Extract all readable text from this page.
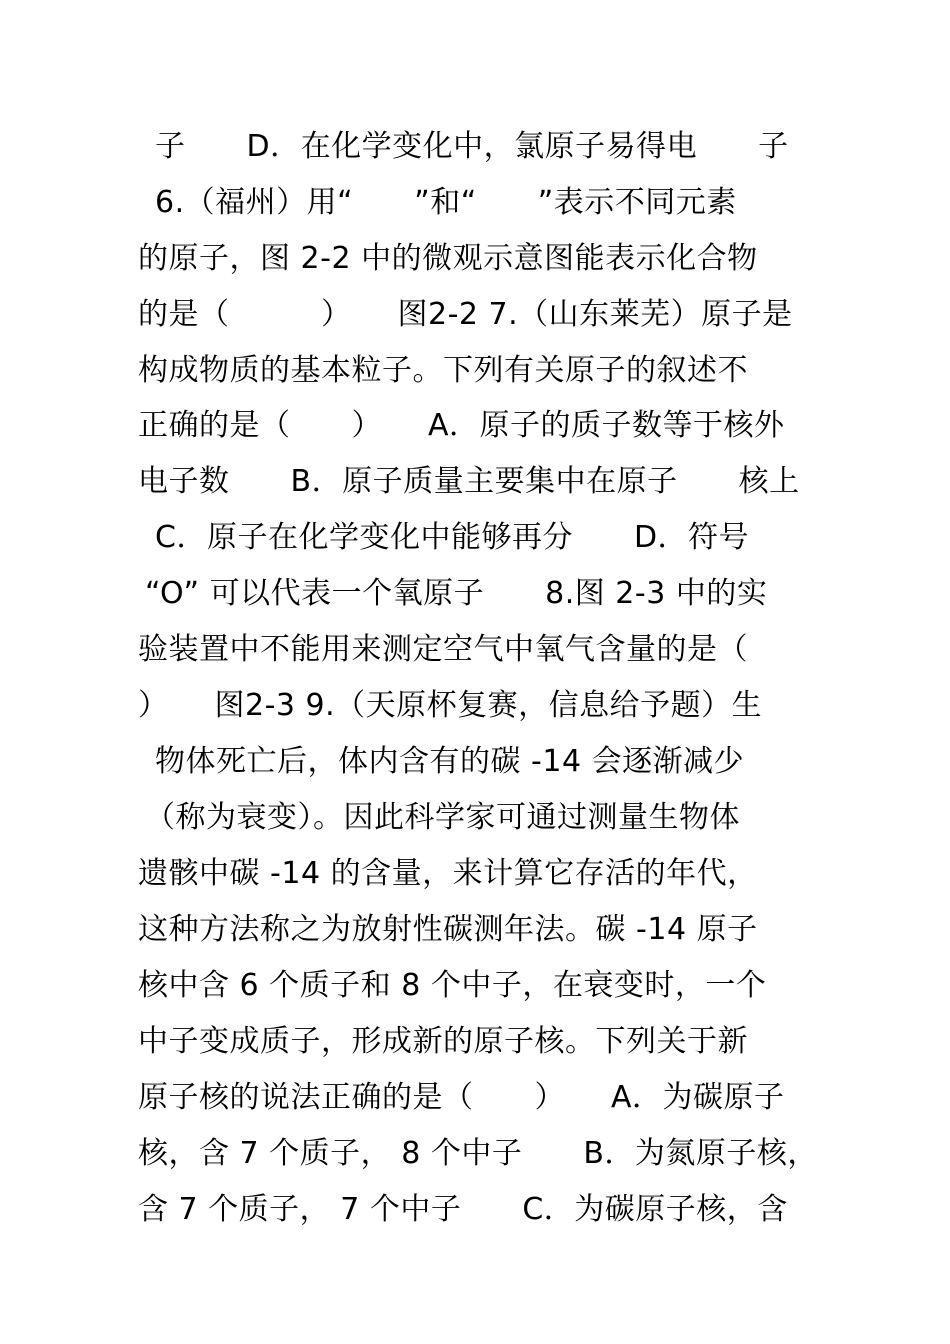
子　　D．在化学变化中，氯原子易得电　　子
6.（福州）用“　　”和“　　”表示不同元素
的原子，图 2-2 中的微观示意图能表示化合物
的是（　　　）　　图2-2 7.（山东莱芜）原子是
构成物质的基本粒子。下列有关原子的叙述不
正确的是（　　）　　A．原子的质子数等于核外
电子数　　B．原子质量主要集中在原子　　核上
C．原子在化学变化中能够再分　　D．符号
“O” 可以代表一个氧原子　　8.图 2-3 中的实
验装置中不能用来测定空气中氧气含量的是（
）　　图2-3 9.（天原杯复赛，信息给予题）生
物体死亡后，体内含有的碳 -14 会逐渐减少
（称为衰变）。因此科学家可通过测量生物体
遗骸中碳 -14 的含量，来计算它存活的年代，
这种方法称之为放射性碳测年法。碳 -14 原子
核中含 6 个质子和 8 个中子，在衰变时，一个
中子变成质子，形成新的原子核。下列关于新
原子核的说法正确的是（　　）　　A．为碳原子
核，含 7 个质子， 8 个中子　　B．为氮原子核，
含 7 个质子， 7 个中子　　C．为碳原子核，含
